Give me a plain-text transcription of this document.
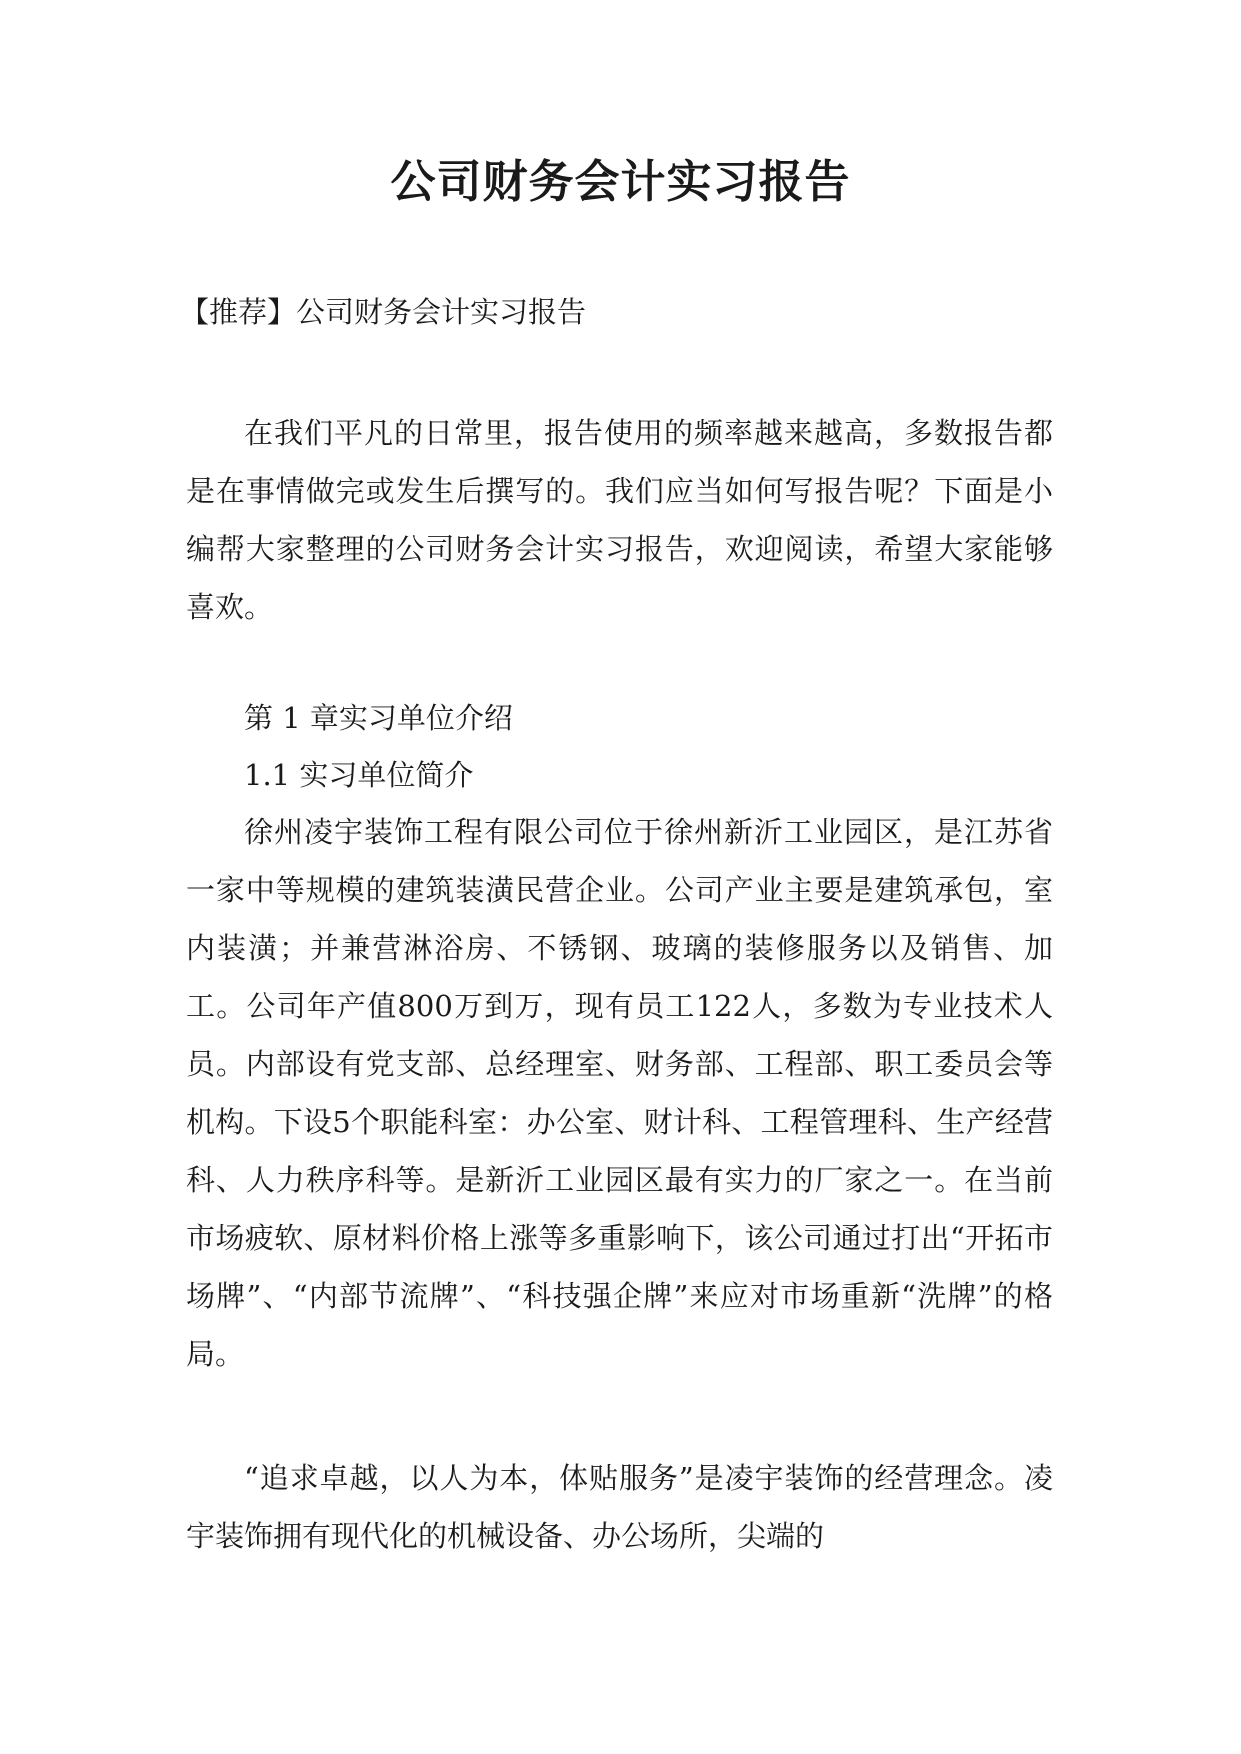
公司财务会计实习报告
【推荐】公司财务会计实习报告
在我们平凡的日常里，报告使用的频率越来越高，多数报告都是在事情做完或发生后撰写的。我们应当如何写报告呢？下面是小编帮大家整理的公司财务会计实习报告，欢迎阅读，希望大家能够喜欢。
第 1 章实习单位介绍
1.1 实习单位简介
徐州凌宇装饰工程有限公司位于徐州新沂工业园区，是江苏省一家中等规模的建筑装潢民营企业。公司产业主要是建筑承包，室内装潢；并兼营淋浴房、不锈钢、玻璃的装修服务以及销售、加工。公司年产值800万到万，现有员工122人，多数为专业技术人员。内部设有党支部、总经理室、财务部、工程部、职工委员会等机构。下设5个职能科室：办公室、财计科、工程管理科、生产经营科、人力秩序科等。是新沂工业园区最有实力的厂家之一。在当前市场疲软、原材料价格上涨等多重影响下，该公司通过打出“开拓市场牌”、“内部节流牌”、“科技强企牌”来应对市场重新“洗牌”的格局。
“追求卓越，以人为本，体贴服务”是凌宇装饰的经营理念。凌宇装饰拥有现代化的机械设备、办公场所，尖端的
